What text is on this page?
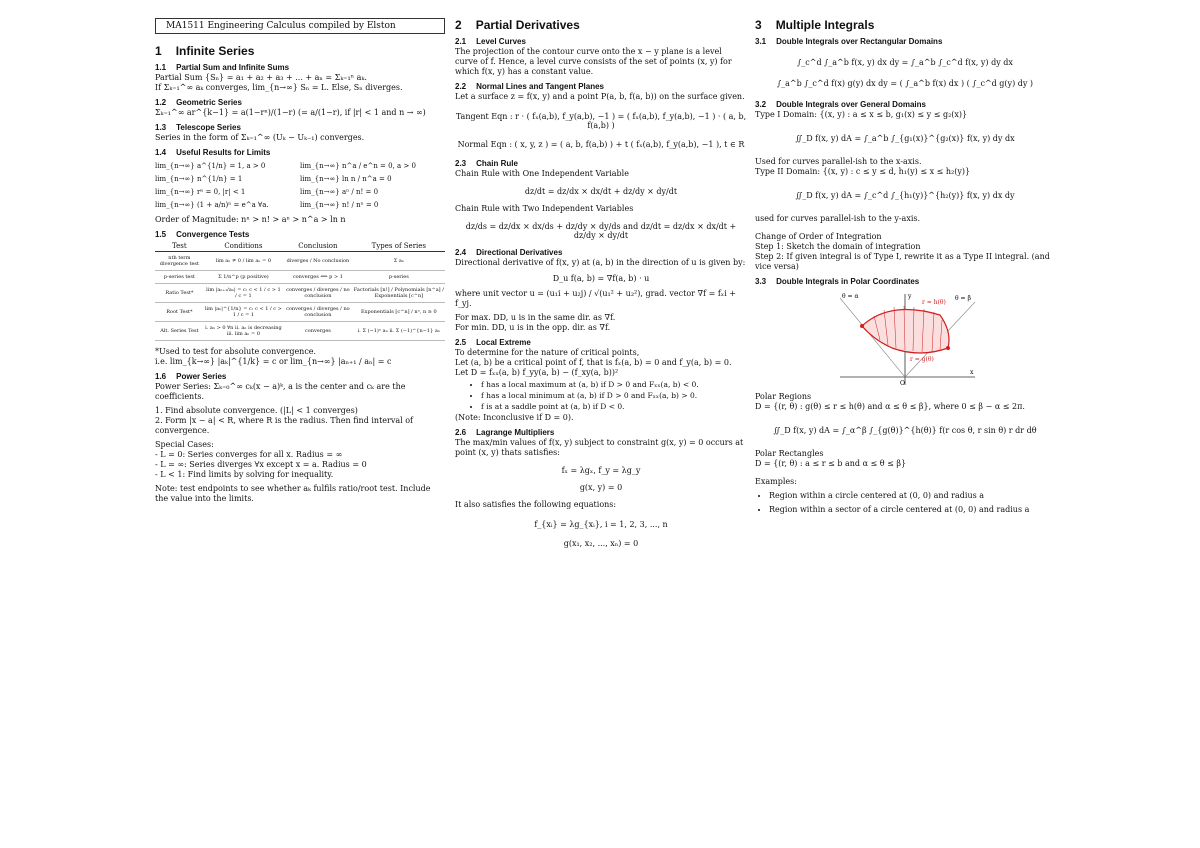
MA1511 Engineering Calculus compiled by Elston
1 Infinite Series
1.1 Partial Sum and Infinite Sums

Partial Sum {Sₙ} = a₁ + a₂ + a₃ + ... + aₙ = Σₖ₌₁ⁿ aₖ.

If Σₖ₌₁^∞ aₖ converges, lim_{n→∞} Sₙ = L. Else, Sₙ diverges.

1.2 Geometric Series

Σₖ₌₁^∞ ar^{k−1} = a(1−rⁿ)/(1−r) (= a/(1−r), if |r| < 1 and n → ∞)

1.3 Telescope Series

Series in the form of Σₖ₌₁^∞ (Uₖ − Uₖ₋₁) converges.

1.4 Useful Results for Limits
lim_{n→∞} a^{1/n} = 1, a > 0	lim_{n→∞} n^a / e^n = 0, a > 0
lim_{n→∞} n^{1/n} = 1	lim_{n→∞} ln n / n^a = 0
lim_{n→∞} rⁿ = 0, |r| < 1	lim_{n→∞} aⁿ / n! = 0
lim_{n→∞} (1 + a/n)ⁿ = e^a ∀a.	lim_{n→∞} n! / nⁿ = 0

Order of Magnitude: nⁿ > n! > aⁿ > n^a > ln n

1.5 Convergence Tests
Test	Conditions	Conclusion	Types of Series
nth term divergence test	lim aₙ ≠ 0 / lim aₙ = 0	diverges / No conclusion	Σ aₙ
p-series test	Σ 1/n^p (p positive)	converges ⟺ p > 1	p-series
Ratio Test*	lim |aₙ₊₁/aₙ| = c: c < 1 / c > 1 / c = 1	converges / diverges / no conclusion	Factorials [n!] / Polynomials [n^a] / Exponentials [c^n]
Root Test*	lim |aₙ|^{1/n} = c: c < 1 / c > 1 / c = 1	converges / diverges / no conclusion	Exponentials [c^n] / nⁿ, n ≥ 0
Alt. Series Test	i. aₙ > 0 ∀n ii. aₙ is decreasing iii. lim aₙ = 0	converges	i. Σ (−1)ⁿ aₙ ii. Σ (−1)^{n−1} aₙ

*Used to test for absolute convergence.

i.e. lim_{k→∞} |aₖ|^{1/k} = c or lim_{n→∞} |aₙ₊₁ / aₙ| = c

1.6 Power Series

Power Series: Σₖ₌₀^∞ cₖ(x − a)ᵏ, a is the center and cₖ are the coefficients.

1. Find absolute convergence. (|L| < 1 converges)

2. Form |x − a| < R, where R is the radius. Then find interval of convergence.

Special Cases:

- L = 0: Series converges for all x. Radius = ∞

- L = ∞: Series diverges ∀x except x = a. Radius = 0

- L < 1: Find limits by solving for inequality.

Note: test endpoints to see whether aₖ fulfils ratio/root test. Include the value into the limits.

2 Partial Derivatives
2.1 Level Curves

The projection of the contour curve onto the x − y plane is a level curve of f. Hence, a level curve consists of the set of points (x, y) for which f(x, y) has a constant value.

2.2 Normal Lines and Tangent Planes

Let a surface z = f(x, y) and a point P(a, b, f(a, b)) on the surface given.

Tangent Eqn : r · ( fₓ(a,b), f_y(a,b), −1 ) = ( fₓ(a,b), f_y(a,b), −1 ) · ( a, b, f(a,b) )
Normal Eqn : ( x, y, z ) = ( a, b, f(a,b) ) + t ( fₓ(a,b), f_y(a,b), −1 ), t ∈ R
2.3 Chain Rule

Chain Rule with One Independent Variable

dz/dt = dz/dx × dx/dt + dz/dy × dy/dt

Chain Rule with Two Independent Variables

dz/ds = dz/dx × dx/ds + dz/dy × dy/ds and dz/dt = dz/dx × dx/dt + dz/dy × dy/dt
2.4 Directional Derivatives

Directional derivative of f(x, y) at (a, b) in the direction of u is given by:

D_u f(a, b) = ∇f(a, b) · u

where unit vector u = (u₁i + u₂j) / √(u₁² + u₂²), grad. vector ∇f = fₓi + f_yj.

For max. DD, u is in the same dir. as ∇f.

For min. DD, u is in the opp. dir. as ∇f.

2.5 Local Extreme

To determine for the nature of critical points,

Let (a, b) be a critical point of f, that is fₓ(a, b) = 0 and f_y(a, b) = 0.

Let D = fₓₓ(a, b) f_yy(a, b) − (f_xy(a, b))²

• f has a local maximum at (a, b) if D > 0 and Fₓₓ(a, b) < 0.
• f has a local minimum at (a, b) if D > 0 and Fₓₓ(a, b) > 0.
• f is at a saddle point at (a, b) if D < 0.

(Note: Inconclusive if D = 0).

2.6 Lagrange Multipliers

The max/min values of f(x, y) subject to constraint g(x, y) = 0 occurs at point (x, y) thats satisfies:

fₓ = λgₓ, f_y = λg_y
g(x, y) = 0

It also satisfies the following equations:

f_{xᵢ} = λg_{xᵢ}, i = 1, 2, 3, ..., n
g(x₁, x₂, ..., xₙ) = 0
3 Multiple Integrals
3.1 Double Integrals over Rectangular Domains
∫_c^d ∫_a^b f(x, y) dx dy = ∫_a^b ∫_c^d f(x, y) dy dx
∫_a^b ∫_c^d f(x) g(y) dx dy = ( ∫_a^b f(x) dx ) ( ∫_c^d g(y) dy )
3.2 Double Integrals over General Domains

Type I Domain: {(x, y) : a ≤ x ≤ b, g₁(x) ≤ y ≤ g₂(x)}

∬_D f(x, y) dA = ∫_a^b ∫_{g₁(x)}^{g₂(x)} f(x, y) dy dx

Used for curves parallel-ish to the x-axis.

Type II Domain: {(x, y) : c ≤ y ≤ d, h₁(y) ≤ x ≤ h₂(y)}

∬_D f(x, y) dA = ∫_c^d ∫_{h₁(y)}^{h₂(y)} f(x, y) dx dy

used for curves parallel-ish to the y-axis.

Change of Order of Integration

Step 1: Sketch the domain of integration

Step 2: If given integral is of Type I, rewrite it as a Type II integral. (and vice versa)

3.3 Double Integrals in Polar Coordinates
θ = α	θ = β
r = h(θ)
r = g(θ)
x
y
O

Polar Regions

D = {(r, θ) : g(θ) ≤ r ≤ h(θ) and α ≤ θ ≤ β}, where 0 ≤ β − α ≤ 2π.

∬_D f(x, y) dA = ∫_α^β ∫_{g(θ)}^{h(θ)} f(r cos θ, r sin θ) r dr dθ

Polar Rectangles

D = {(r, θ) : a ≤ r ≤ b and α ≤ θ ≤ β}

Examples:

• Region within a circle centered at (0, 0) and radius a
• Region within a sector of a circle centered at (0, 0) and radius a
